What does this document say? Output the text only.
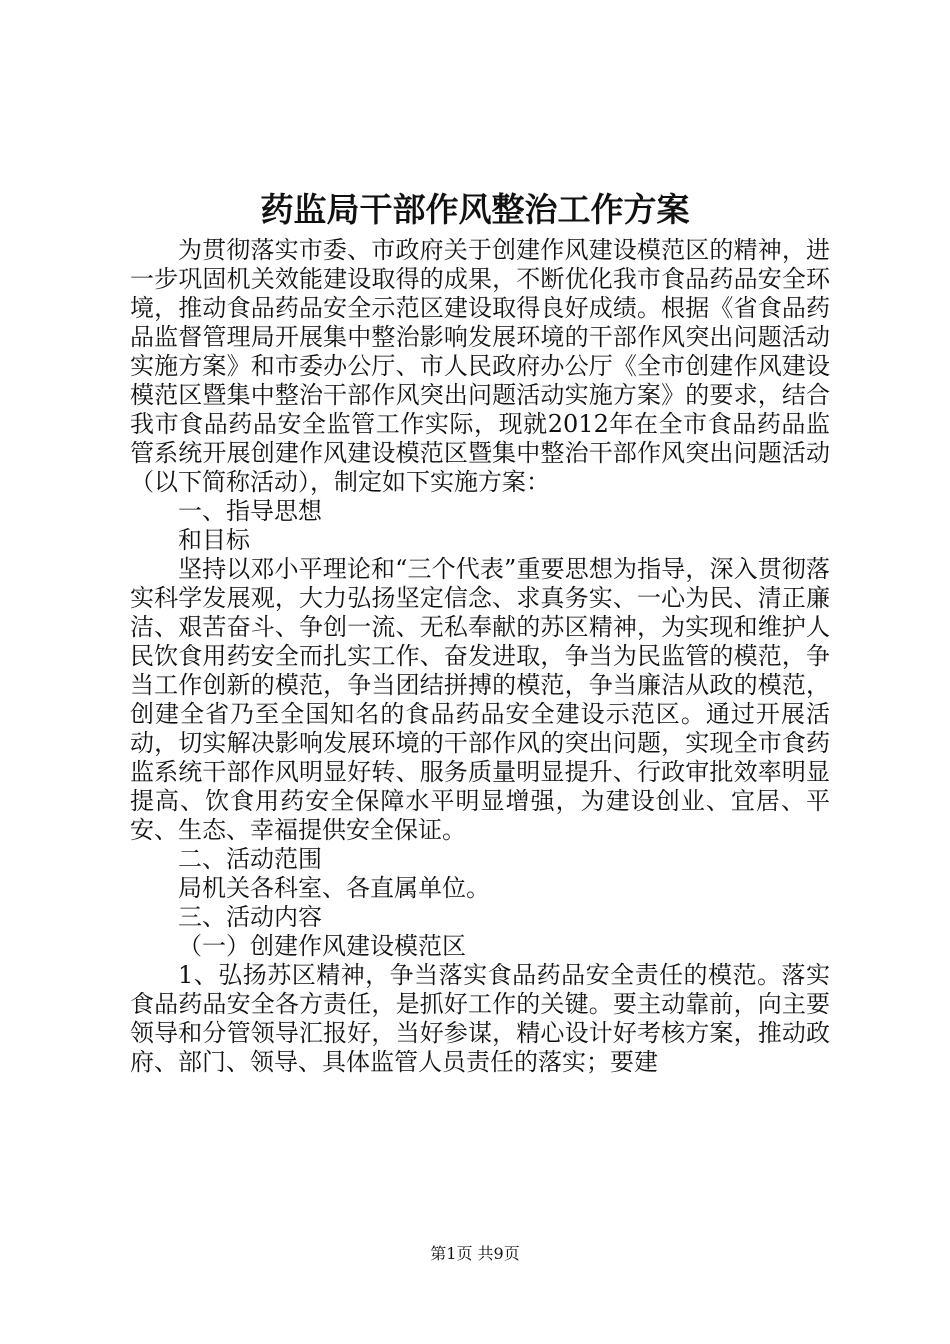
药监局干部作风整治工作方案

为贯彻落实市委、市政府关于创建作风建设模范区的精神，进一步巩固机关效能建设取得的成果，不断优化我市食品药品安全环境，推动食品药品安全示范区建设取得良好成绩。根据《省食品药品监督管理局开展集中整治影响发展环境的干部作风突出问题活动实施方案》和市委办公厅、市人民政府办公厅《全市创建作风建设模范区暨集中整治干部作风突出问题活动实施方案》的要求，结合我市食品药品安全监管工作实际，现就2012年在全市食品药品监管系统开展创建作风建设模范区暨集中整治干部作风突出问题活动（以下简称活动），制定如下实施方案：

一、指导思想

和目标

坚持以邓小平理论和“三个代表”重要思想为指导，深入贯彻落实科学发展观，大力弘扬坚定信念、求真务实、一心为民、清正廉洁、艰苦奋斗、争创一流、无私奉献的苏区精神，为实现和维护人民饮食用药安全而扎实工作、奋发进取，争当为民监管的模范，争当工作创新的模范，争当团结拼搏的模范，争当廉洁从政的模范，创建全省乃至全国知名的食品药品安全建设示范区。通过开展活动，切实解决影响发展环境的干部作风的突出问题，实现全市食药监系统干部作风明显好转、服务质量明显提升、行政审批效率明显提高、饮食用药安全保障水平明显增强，为建设创业、宜居、平安、生态、幸福提供安全保证。

二、活动范围

局机关各科室、各直属单位。

三、活动内容

（一）创建作风建设模范区

1、弘扬苏区精神，争当落实食品药品安全责任的模范。落实食品药品安全各方责任，是抓好工作的关键。要主动靠前，向主要领导和分管领导汇报好，当好参谋，精心设计好考核方案，推动政府、部门、领导、具体监管人员责任的落实；要建

第1页 共9页
